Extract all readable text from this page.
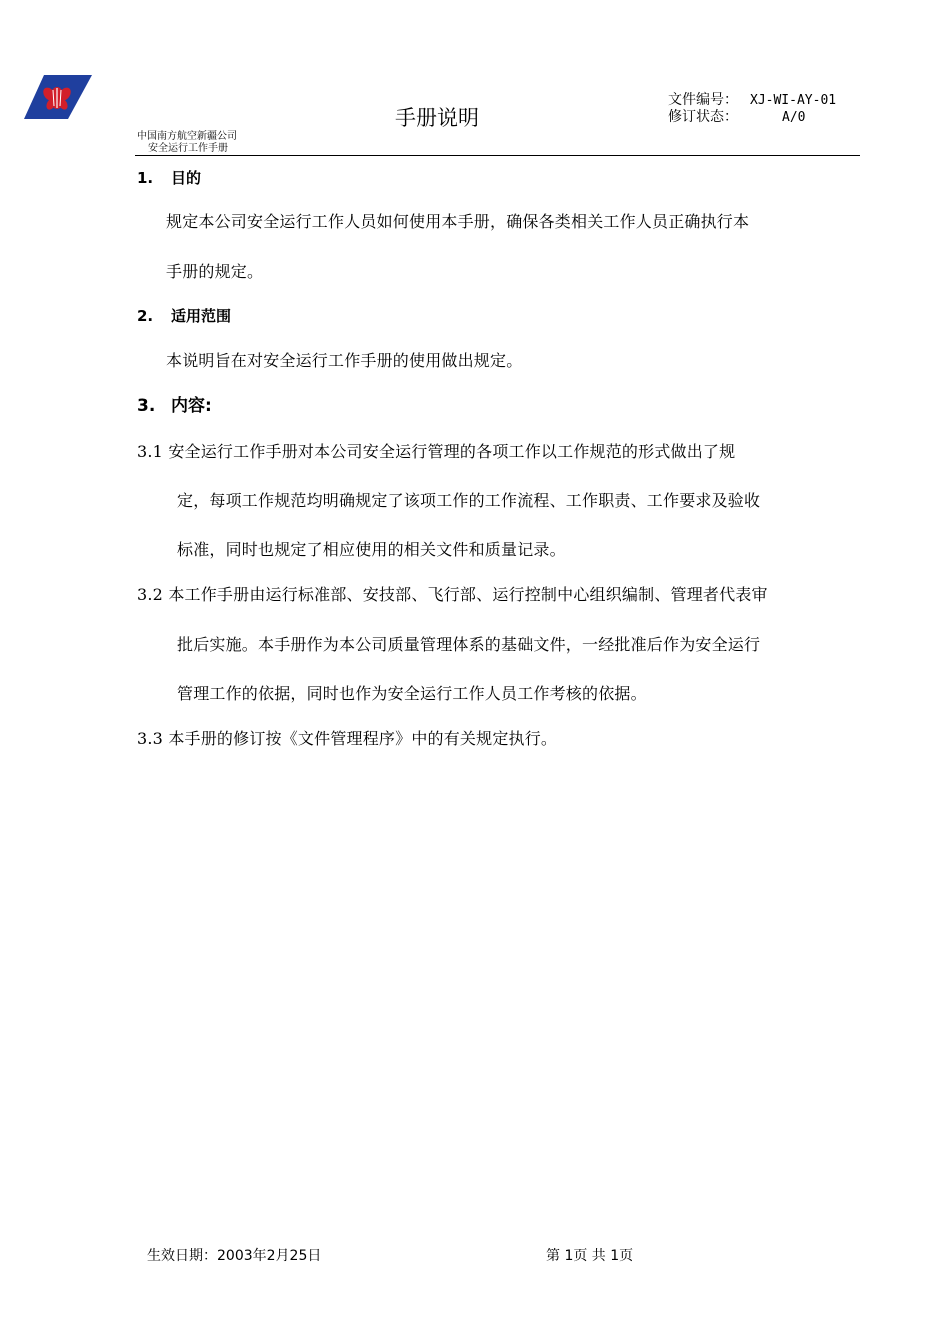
中国南方航空新疆公司
安全运行工作手册
手册说明
文件编号： XJ-WI-AY-01
修订状态：	A/0
1. 目的
规定本公司安全运行工作人员如何使用本手册，确保各类相关工作人员正确执行本
手册的规定。
2. 适用范围
本说明旨在对安全运行工作手册的使用做出规定。
3. 内容:
3.1 安全运行工作手册对本公司安全运行管理的各项工作以工作规范的形式做出了规
定，每项工作规范均明确规定了该项工作的工作流程、工作职责、工作要求及验收
标准，同时也规定了相应使用的相关文件和质量记录。
3.2 本工作手册由运行标准部、安技部、飞行部、运行控制中心组织编制、管理者代表审
批后实施。本手册作为本公司质量管理体系的基础文件，一经批准后作为安全运行
管理工作的依据，同时也作为安全运行工作人员工作考核的依据。
3.3 本手册的修订按《文件管理程序》中的有关规定执行。
生效日期：2003年2月25日	第 1页 共 1页
